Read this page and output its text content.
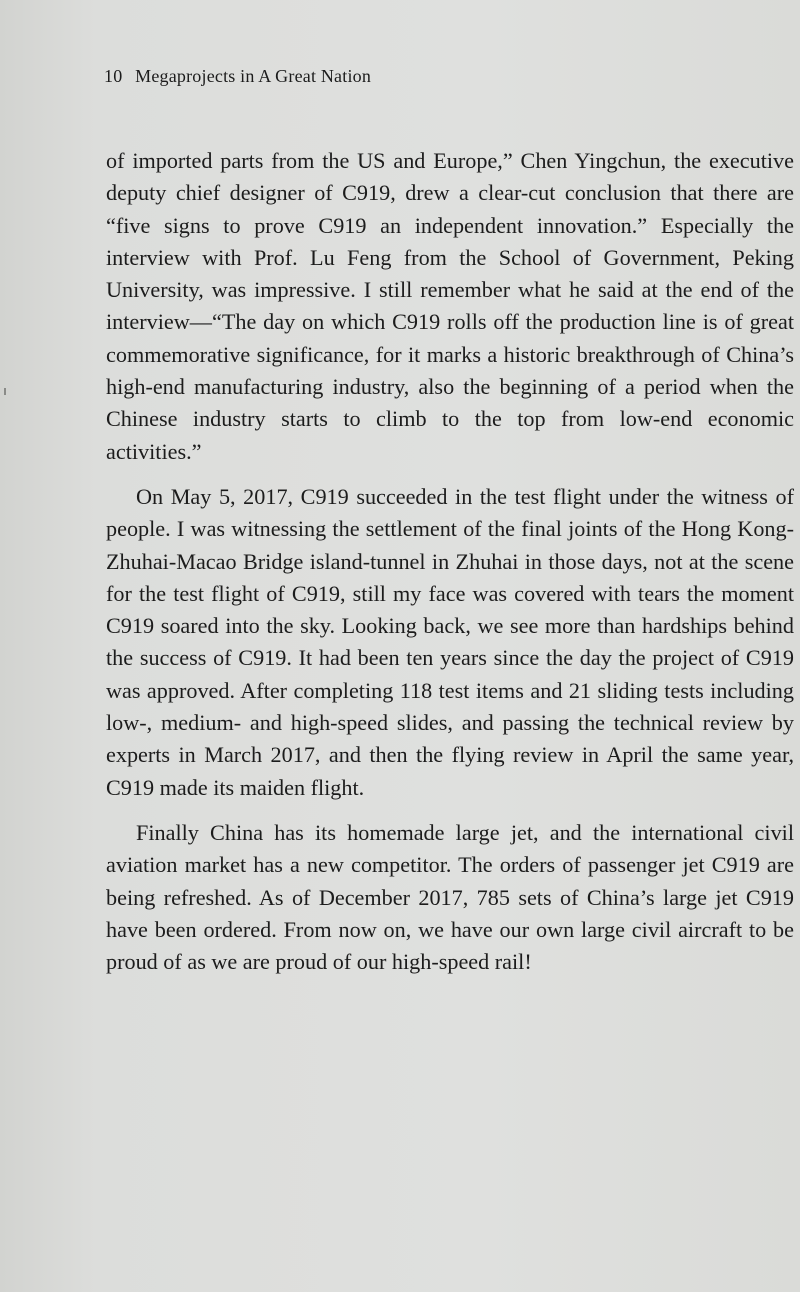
10 Megaprojects in A Great Nation

of imported parts from the US and Europe,” Chen Yingchun, the executive deputy chief designer of C919, drew a clear-cut conclusion that there are “five signs to prove C919 an independent innovation.” Especially the interview with Prof. Lu Feng from the School of Government, Peking University, was impressive. I still remember what he said at the end of the interview—“The day on which C919 rolls off the production line is of great commemorative significance, for it marks a historic breakthrough of China’s high-end manufacturing industry, also the beginning of a period when the Chinese industry starts to climb to the top from low-end economic activities.”

On May 5, 2017, C919 succeeded in the test flight under the witness of people. I was witnessing the settlement of the final joints of the Hong Kong-Zhuhai-Macao Bridge island-tunnel in Zhuhai in those days, not at the scene for the test flight of C919, still my face was covered with tears the moment C919 soared into the sky. Looking back, we see more than hardships behind the success of C919. It had been ten years since the day the project of C919 was approved. After completing 118 test items and 21 sliding tests including low-, medium- and high-speed slides, and passing the technical review by experts in March 2017, and then the flying review in April the same year, C919 made its maiden flight.

Finally China has its homemade large jet, and the international civil aviation market has a new competitor. The orders of passenger jet C919 are being refreshed. As of December 2017, 785 sets of China’s large jet C919 have been ordered. From now on, we have our own large civil aircraft to be proud of as we are proud of our high-speed rail!
